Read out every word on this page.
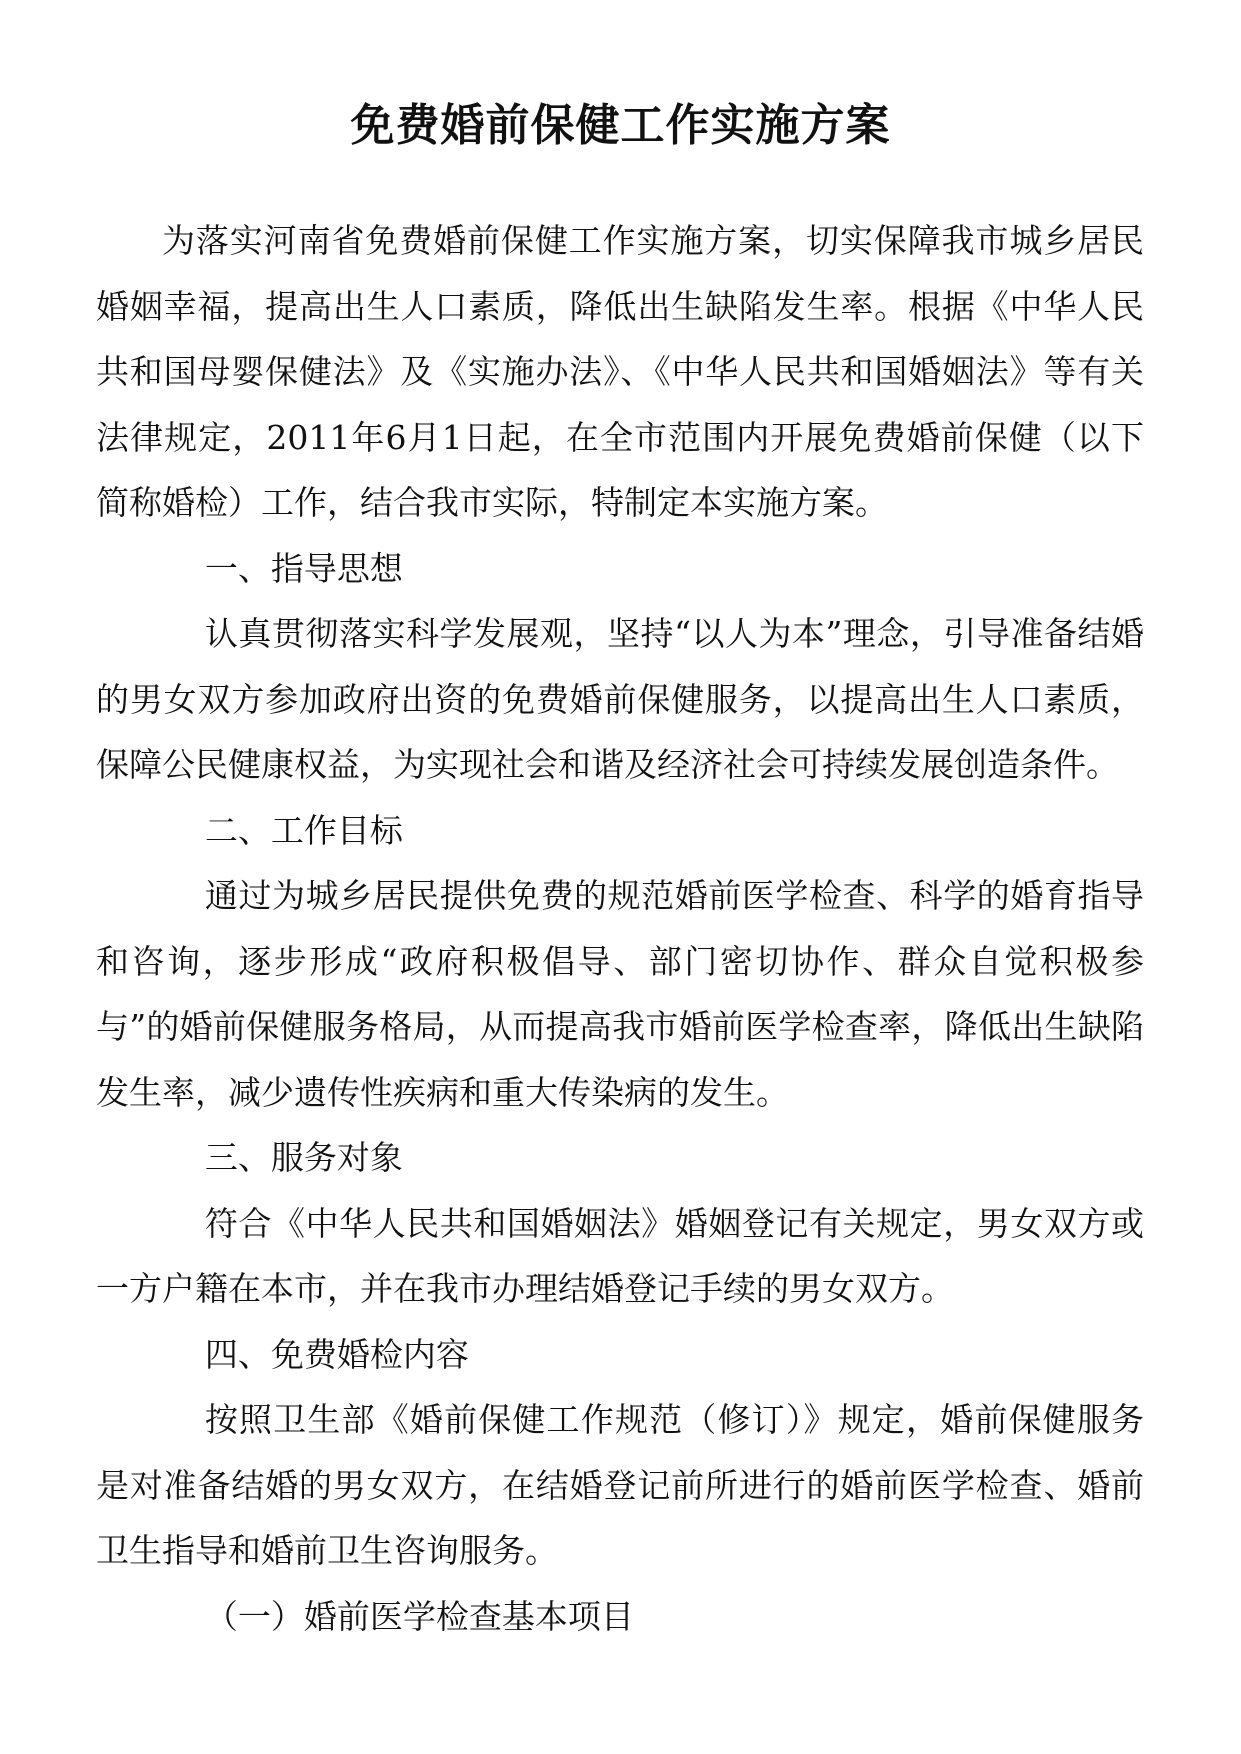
免费婚前保健工作实施方案

为落实河南省免费婚前保健工作实施方案，切实保障我市城乡居民婚姻幸福，提高出生人口素质，降低出生缺陷发生率。根据《中华人民共和国母婴保健法》及《实施办法》、《中华人民共和国婚姻法》等有关法律规定，2011年6月1日起，在全市范围内开展免费婚前保健（以下简称婚检）工作，结合我市实际，特制定本实施方案。

一、指导思想

认真贯彻落实科学发展观，坚持“以人为本”理念，引导准备结婚的男女双方参加政府出资的免费婚前保健服务，以提高出生人口素质，保障公民健康权益，为实现社会和谐及经济社会可持续发展创造条件。

二、工作目标

通过为城乡居民提供免费的规范婚前医学检查、科学的婚育指导和咨询，逐步形成“政府积极倡导、部门密切协作、群众自觉积极参与”的婚前保健服务格局，从而提高我市婚前医学检查率，降低出生缺陷发生率，减少遗传性疾病和重大传染病的发生。

三、服务对象

符合《中华人民共和国婚姻法》婚姻登记有关规定，男女双方或一方户籍在本市，并在我市办理结婚登记手续的男女双方。

四、免费婚检内容

按照卫生部《婚前保健工作规范（修订）》规定，婚前保健服务是对准备结婚的男女双方，在结婚登记前所进行的婚前医学检查、婚前卫生指导和婚前卫生咨询服务。

（一）婚前医学检查基本项目
